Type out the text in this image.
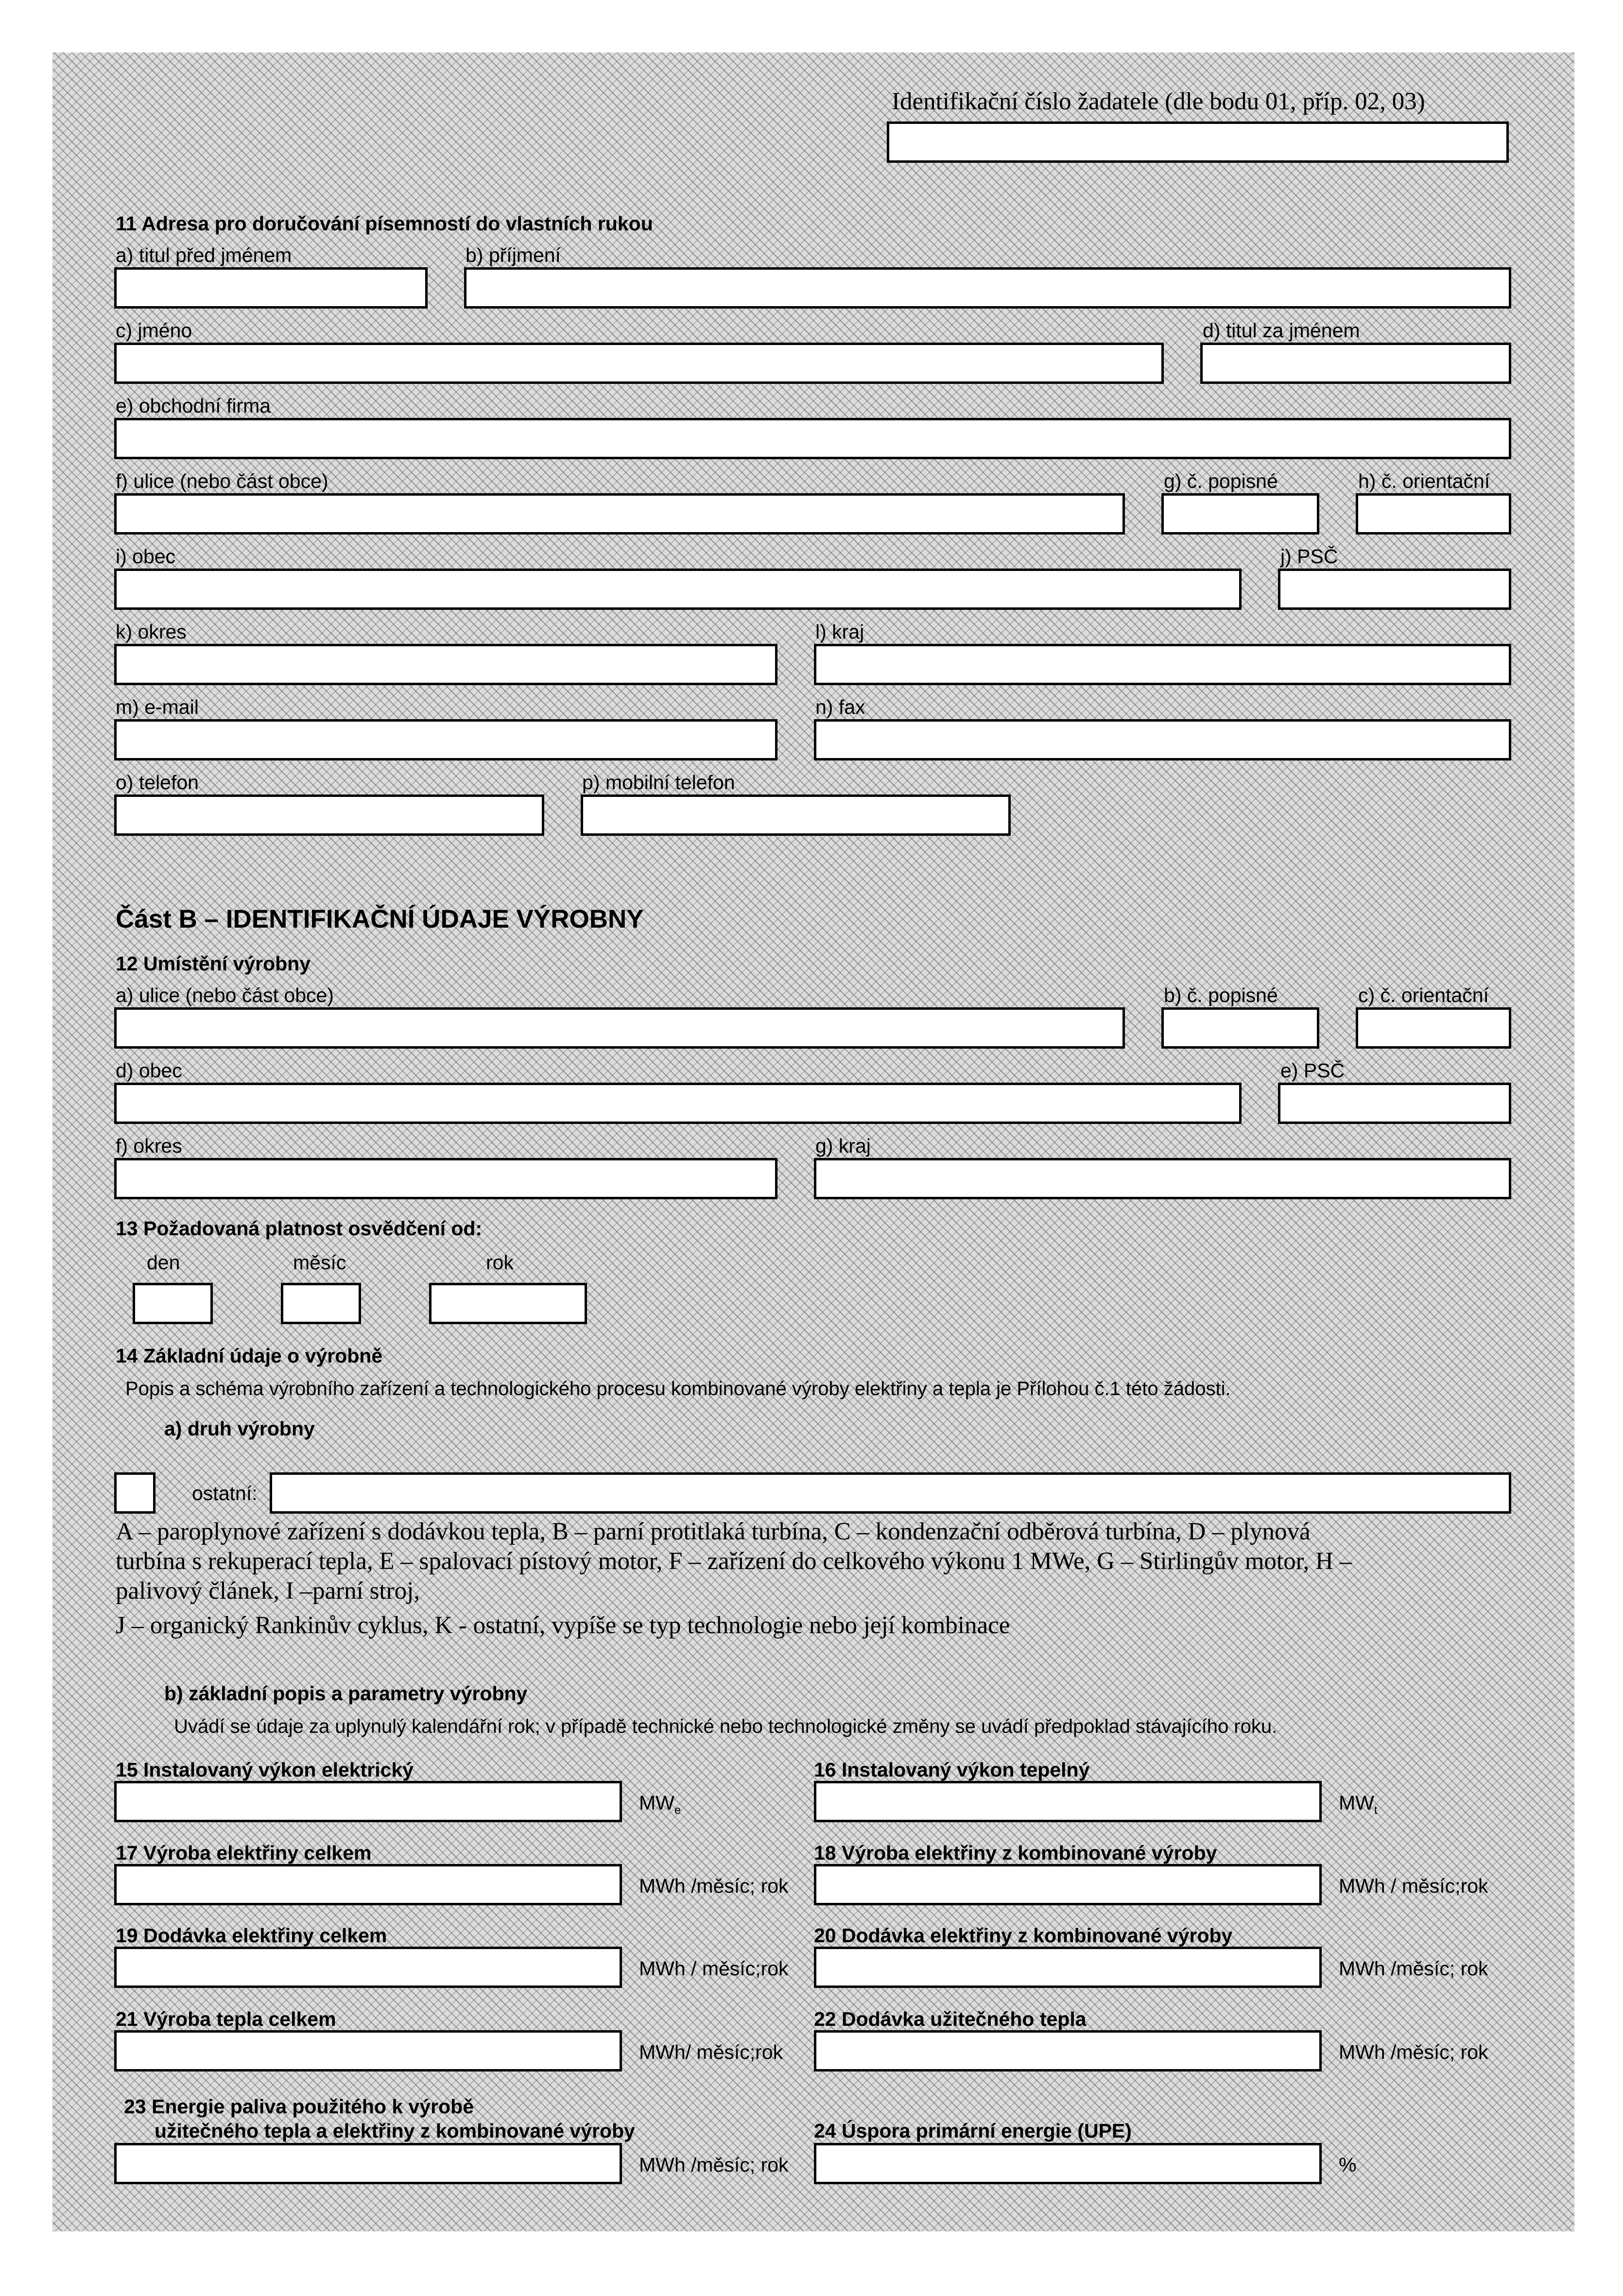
Identifikační číslo žadatele (dle bodu 01, příp. 02, 03)
11 Adresa pro doručování písemností do vlastních rukou
a) titul před jménem	b) příjmení
c) jméno	d) titul za jménem
e) obchodní firma
f) ulice (nebo část obce)	g) č. popisné	h) č. orientační
i) obec	j) PSČ
k) okres	l) kraj
m) e-mail	n) fax
o) telefon	p) mobilní telefon
Část B – IDENTIFIKAČNÍ ÚDAJE VÝROBNY
12 Umístění výrobny
a) ulice (nebo část obce)	b) č. popisné	c) č. orientační
d) obec	e) PSČ
f) okres	g) kraj
13 Požadovaná platnost osvědčení od:
den	měsíc	rok
14 Základní údaje o výrobně
Popis a schéma výrobního zařízení a technologického procesu kombinované výroby elektřiny a tepla je Přílohou č.1 této žádosti.
a) druh výrobny
ostatní:
A – paroplynové zařízení s dodávkou tepla, B – parní protitlaká turbína, C – kondenzační odběrová turbína, D – plynová
turbína s rekuperací tepla, E – spalovací pístový motor, F – zařízení do celkového výkonu 1 MWe, G – Stirlingův motor, H –
palivový článek, I –parní stroj,
J – organický Rankinův cyklus, K - ostatní, vypíše se typ technologie nebo její kombinace
b) základní popis a parametry výrobny
Uvádí se údaje za uplynulý kalendářní rok; v případě technické nebo technologické změny se uvádí předpoklad stávajícího roku.
15 Instalovaný výkon elektrický	16 Instalovaný výkon tepelný
$MW_e$	$MW_t$
17 Výroba elektřiny celkem	18 Výroba elektřiny z kombinované výroby
MWh /měsíc; rok	MWh / měsíc;rok
19 Dodávka elektřiny celkem	20 Dodávka elektřiny z kombinované výroby
MWh / měsíc;rok	MWh /měsíc; rok
21 Výroba tepla celkem	22 Dodávka užitečného tepla
MWh/ měsíc;rok	MWh /měsíc; rok
23 Energie paliva použitého k výrobě
užitečného tepla a elektřiny z kombinované výroby	24 Úspora primární energie (UPE)
MWh /měsíc; rok	%
